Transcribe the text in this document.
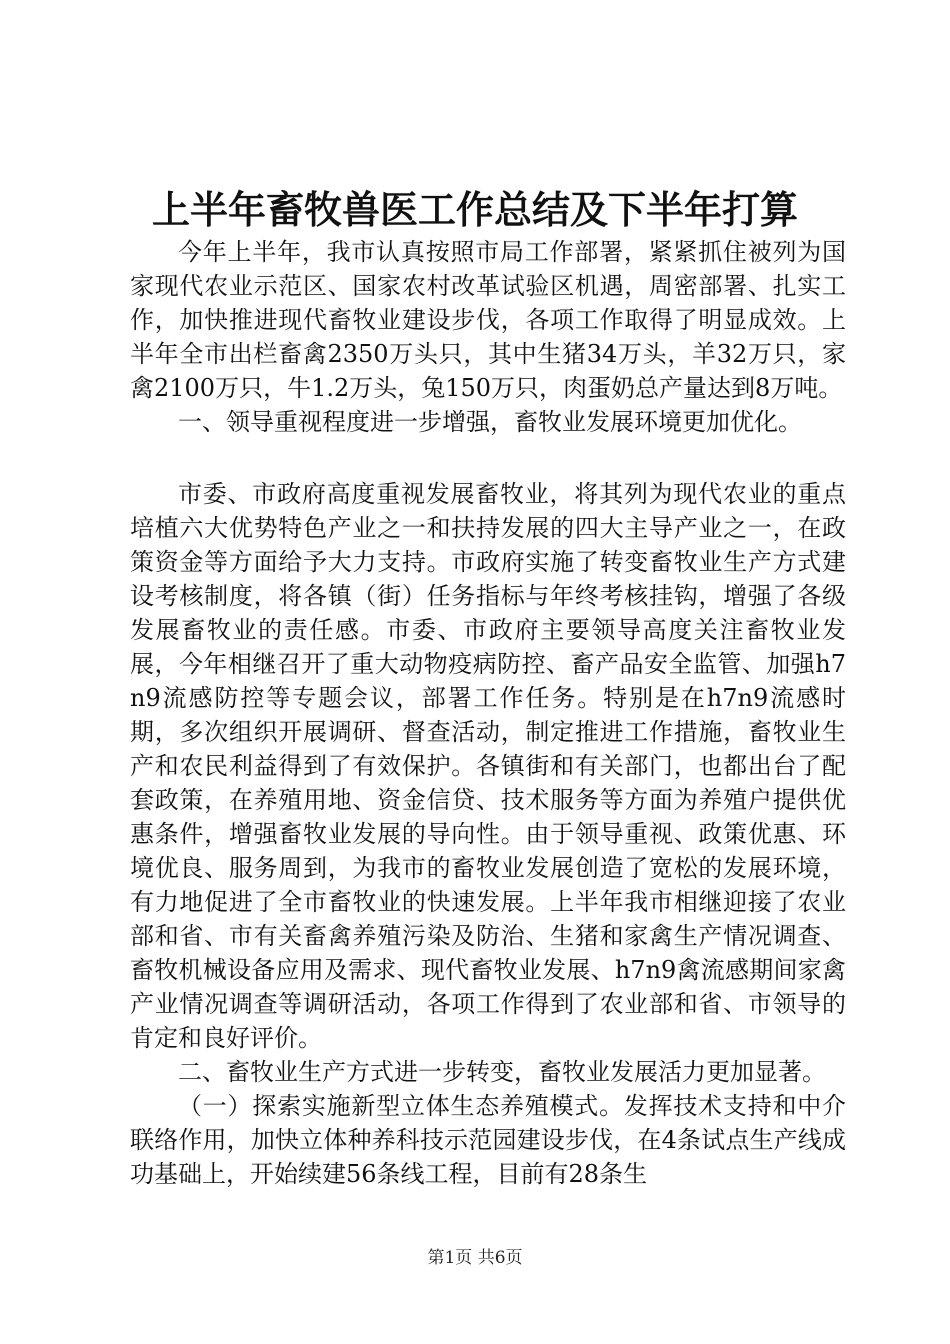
上半年畜牧兽医工作总结及下半年打算

今年上半年，我市认真按照市局工作部署，紧紧抓住被列为国家现代农业示范区、国家农村改革试验区机遇，周密部署、扎实工作，加快推进现代畜牧业建设步伐，各项工作取得了明显成效。上半年全市出栏畜禽2350万头只，其中生猪34万头，羊32万只，家禽2100万只，牛1.2万头，兔150万只，肉蛋奶总产量达到8万吨。

一、领导重视程度进一步增强，畜牧业发展环境更加优化。

市委、市政府高度重视发展畜牧业，将其列为现代农业的重点培植六大优势特色产业之一和扶持发展的四大主导产业之一，在政策资金等方面给予大力支持。市政府实施了转变畜牧业生产方式建设考核制度，将各镇（街）任务指标与年终考核挂钩，增强了各级发展畜牧业的责任感。市委、市政府主要领导高度关注畜牧业发展，今年相继召开了重大动物疫病防控、畜产品安全监管、加强h7n9流感防控等专题会议，部署工作任务。特别是在h7n9流感时期，多次组织开展调研、督查活动，制定推进工作措施，畜牧业生产和农民利益得到了有效保护。各镇街和有关部门，也都出台了配套政策，在养殖用地、资金信贷、技术服务等方面为养殖户提供优惠条件，增强畜牧业发展的导向性。由于领导重视、政策优惠、环境优良、服务周到，为我市的畜牧业发展创造了宽松的发展环境，有力地促进了全市畜牧业的快速发展。上半年我市相继迎接了农业部和省、市有关畜禽养殖污染及防治、生猪和家禽生产情况调查、畜牧机械设备应用及需求、现代畜牧业发展、h7n9禽流感期间家禽产业情况调查等调研活动，各项工作得到了农业部和省、市领导的肯定和良好评价。

二、畜牧业生产方式进一步转变，畜牧业发展活力更加显著。

（一）探索实施新型立体生态养殖模式。发挥技术支持和中介联络作用，加快立体种养科技示范园建设步伐，在4条试点生产线成功基础上，开始续建56条线工程，目前有28条生

第1页 共6页
